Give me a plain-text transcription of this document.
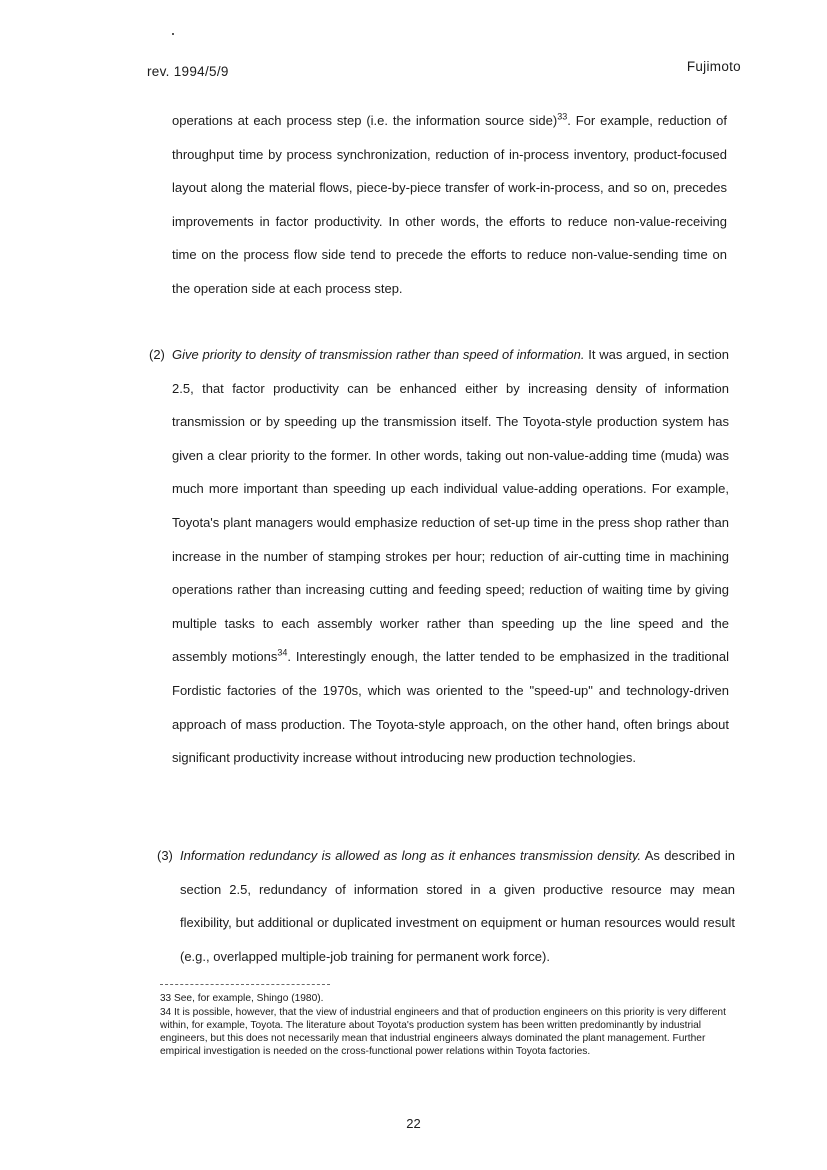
rev. 1994/5/9	Fujimoto
operations at each process step (i.e. the information source side)$^{33}$. For example, reduction of throughput time by process synchronization, reduction of in-process inventory, product-focused layout along the material flows, piece-by-piece transfer of work-in-process, and so on, precedes improvements in factor productivity. In other words, the efforts to reduce non-value-receiving time on the process flow side tend to precede the efforts to reduce non-value-sending time on the operation side at each process step.
(2) Give priority to density of transmission rather than speed of information. It was argued, in section 2.5, that factor productivity can be enhanced either by increasing density of information transmission or by speeding up the transmission itself. The Toyota-style production system has given a clear priority to the former. In other words, taking out non-value-adding time (muda) was much more important than speeding up each individual value-adding operations. For example, Toyota's plant managers would emphasize reduction of set-up time in the press shop rather than increase in the number of stamping strokes per hour; reduction of air-cutting time in machining operations rather than increasing cutting and feeding speed; reduction of waiting time by giving multiple tasks to each assembly worker rather than speeding up the line speed and the assembly motions$^{34}$. Interestingly enough, the latter tended to be emphasized in the traditional Fordistic factories of the 1970s, which was oriented to the "speed-up" and technology-driven approach of mass production. The Toyota-style approach, on the other hand, often brings about significant productivity increase without introducing new production technologies.
(3) Information redundancy is allowed as long as it enhances transmission density. As described in section 2.5, redundancy of information stored in a given productive resource may mean flexibility, but additional or duplicated investment on equipment or human resources would result (e.g., overlapped multiple-job training for permanent work force).
33 See, for example, Shingo (1980).
34 It is possible, however, that the view of industrial engineers and that of production engineers on this priority is very different within, for example, Toyota. The literature about Toyota's production system has been written predominantly by industrial engineers, but this does not necessarily mean that industrial engineers always dominated the plant management. Further empirical investigation is needed on the cross-functional power relations within Toyota factories.
22
